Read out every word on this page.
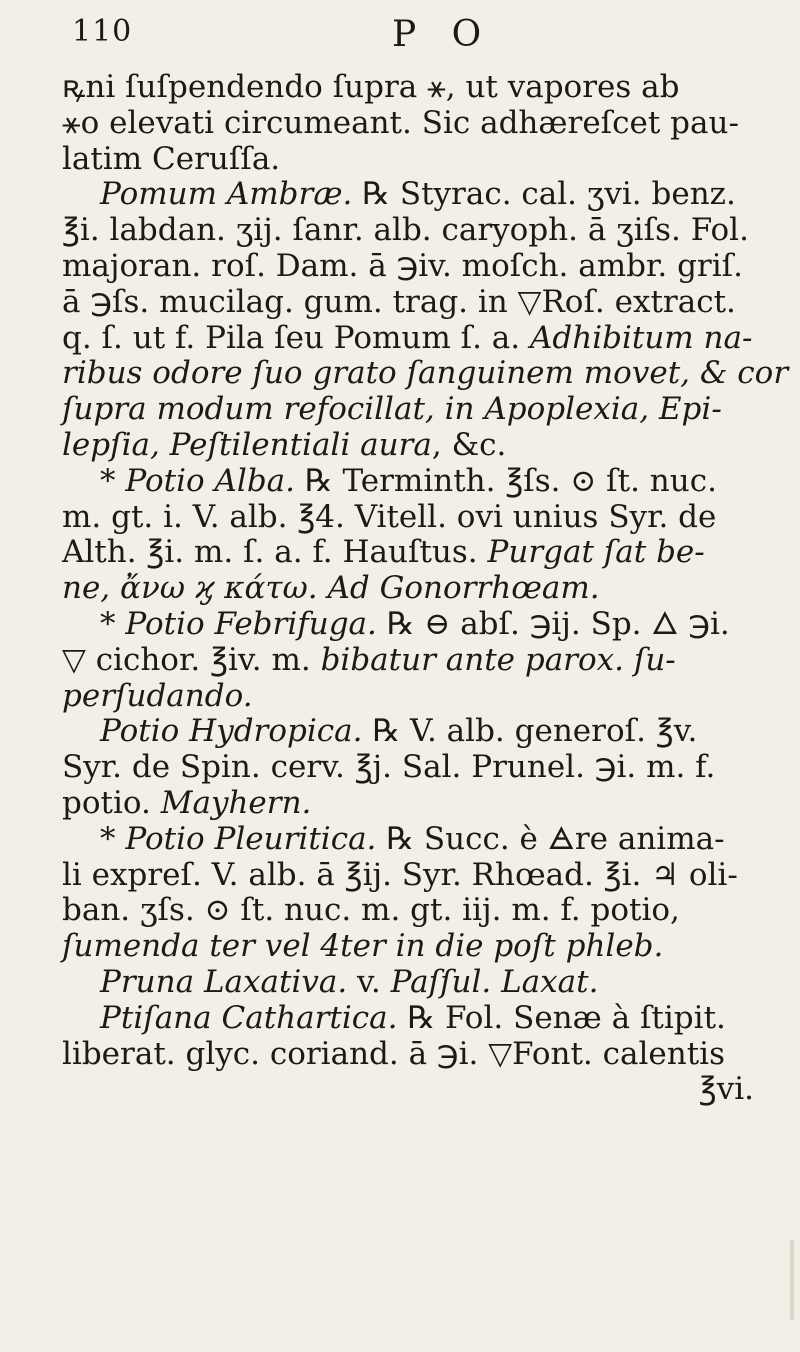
110	P O
ꝶni ſuſpendendo ſupra ⚹, ut vapores ab
⚹o elevati circumeant. Sic adhæreſcet pau-
latim Ceruſſa.
Pomum Ambræ. ℞ Styrac. cal. ʒvi. benz.
℥i. labdan. ʒij. ſanr. alb. caryoph. ā ʒiſs. Fol.
majoran. roſ. Dam. ā ℈iv. moſch. ambr. griſ.
ā ℈ſs. mucilag. gum. trag. in ▽Roſ. extract.
q. ſ. ut f. Pila ſeu Pomum ſ. a. Adhibitum na-
ribus odore ſuo grato ſanguinem movet, & cor
ſupra modum refocillat, in Apoplexia, Epi-
lepſia, Peſtilentiali aura, &c.
* Potio Alba. ℞ Terminth. ℥ſs. ⊙ ſt. nuc.
m. gt. i. V. alb. ℥4. Vitell. ovi unius Syr. de
Alth. ℥i. m. ſ. a. f. Hauſtus. Purgat ſat be-
ne, ἄνω ϗ κάτω. Ad Gonorrhœam.
* Potio Febrifuga. ℞ ⊖ abſ. ℈ij. Sp. 🜂 ℈i.
▽ cichor. ℥iv. m. bibatur ante parox. ſu-
perſudando.
Potio Hydropica. ℞ V. alb. generoſ. ℥v.
Syr. de Spin. cerv. ℥j. Sal. Prunel. ℈i. m. f.
potio. Mayhern.
* Potio Pleuritica. ℞ Succ. è 🜁re anima-
li expreſ. V. alb. ā ℥ij. Syr. Rhœad. ℥i. ♃ oli-
ban. ʒſs. ⊙ ſt. nuc. m. gt. iij. m. f. potio,
ſumenda ter vel 4ter in die poſt phleb.
Pruna Laxativa. v. Paſſul. Laxat.
Ptiſana Cathartica. ℞ Fol. Senæ à ſtipit.
liberat. glyc. coriand. ā ℈i. ▽Font. calentis
℥vi.
